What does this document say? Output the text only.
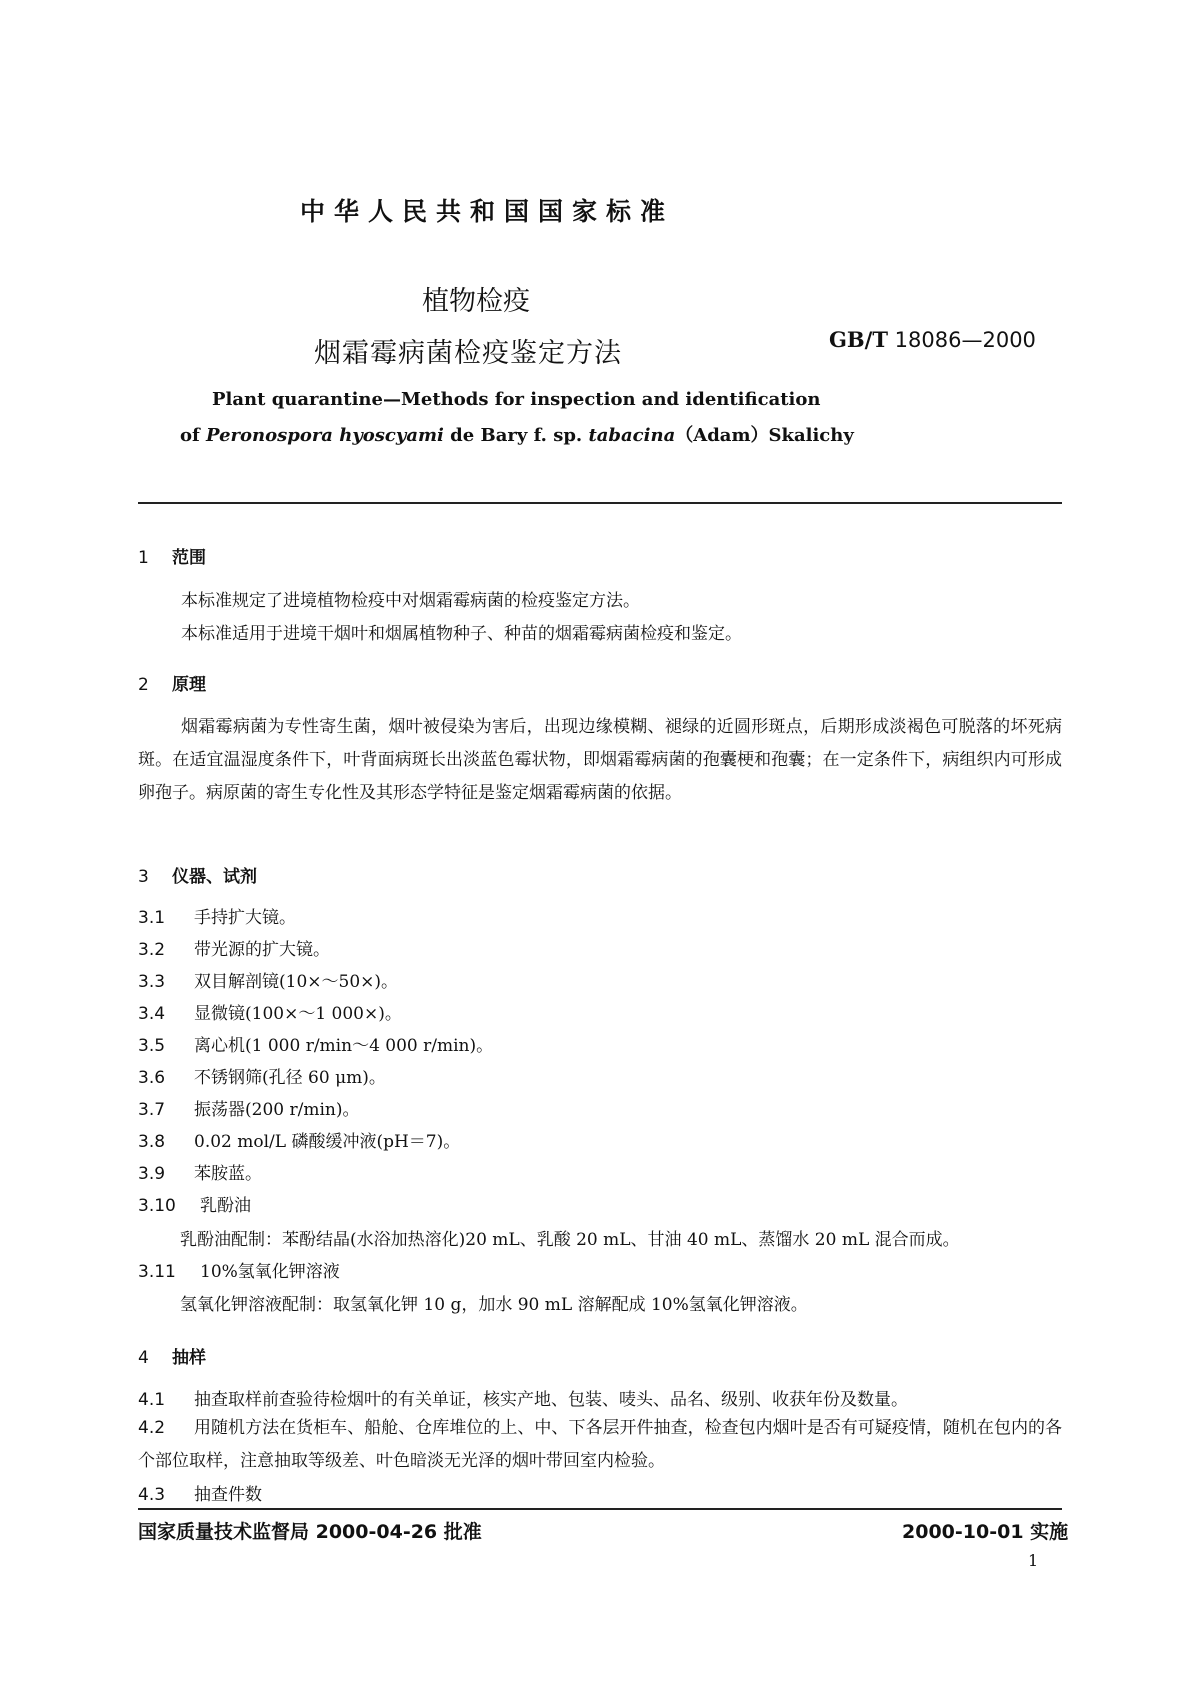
中华人民共和国国家标准
植物检疫
烟霜霉病菌检疫鉴定方法	GB/T 18086—2000
Plant quarantine—Methods for inspection and identification
of Peronospora hyoscyami de Bary f. sp. tabacina（Adam）Skalichy
1 范围
本标准规定了进境植物检疫中对烟霜霉病菌的检疫鉴定方法。
本标准适用于进境干烟叶和烟属植物种子、种苗的烟霜霉病菌检疫和鉴定。
2 原理
烟霜霉病菌为专性寄生菌，烟叶被侵染为害后，出现边缘模糊、褪绿的近圆形斑点，后期形成淡褐色可脱落的坏死病斑。在适宜温湿度条件下，叶背面病斑长出淡蓝色霉状物，即烟霜霉病菌的孢囊梗和孢囊；在一定条件下，病组织内可形成卵孢子。病原菌的寄生专化性及其形态学特征是鉴定烟霜霉病菌的依据。
3 仪器、试剂
3.1 手持扩大镜。
3.2 带光源的扩大镜。
3.3 双目解剖镜(10×～50×)。
3.4 显微镜(100×～1 000×)。
3.5 离心机(1 000 r/min～4 000 r/min)。
3.6 不锈钢筛(孔径 60 μm)。
3.7 振荡器(200 r/min)。
3.8 0.02 mol/L 磷酸缓冲液(pH＝7)。
3.9 苯胺蓝。
3.10 乳酚油
乳酚油配制：苯酚结晶(水浴加热溶化)20 mL、乳酸 20 mL、甘油 40 mL、蒸馏水 20 mL 混合而成。
3.11 10%氢氧化钾溶液
氢氧化钾溶液配制：取氢氧化钾 10 g，加水 90 mL 溶解配成 10%氢氧化钾溶液。
4 抽样
4.1 抽查取样前查验待检烟叶的有关单证，核实产地、包装、唛头、品名、级别、收获年份及数量。
4.2 用随机方法在货柜车、船舱、仓库堆位的上、中、下各层开件抽查，检查包内烟叶是否有可疑疫情，随机在包内的各个部位取样，注意抽取等级差、叶色暗淡无光泽的烟叶带回室内检验。
4.3 抽查件数
国家质量技术监督局 2000-04-26 批准	2000-10-01 实施
1
